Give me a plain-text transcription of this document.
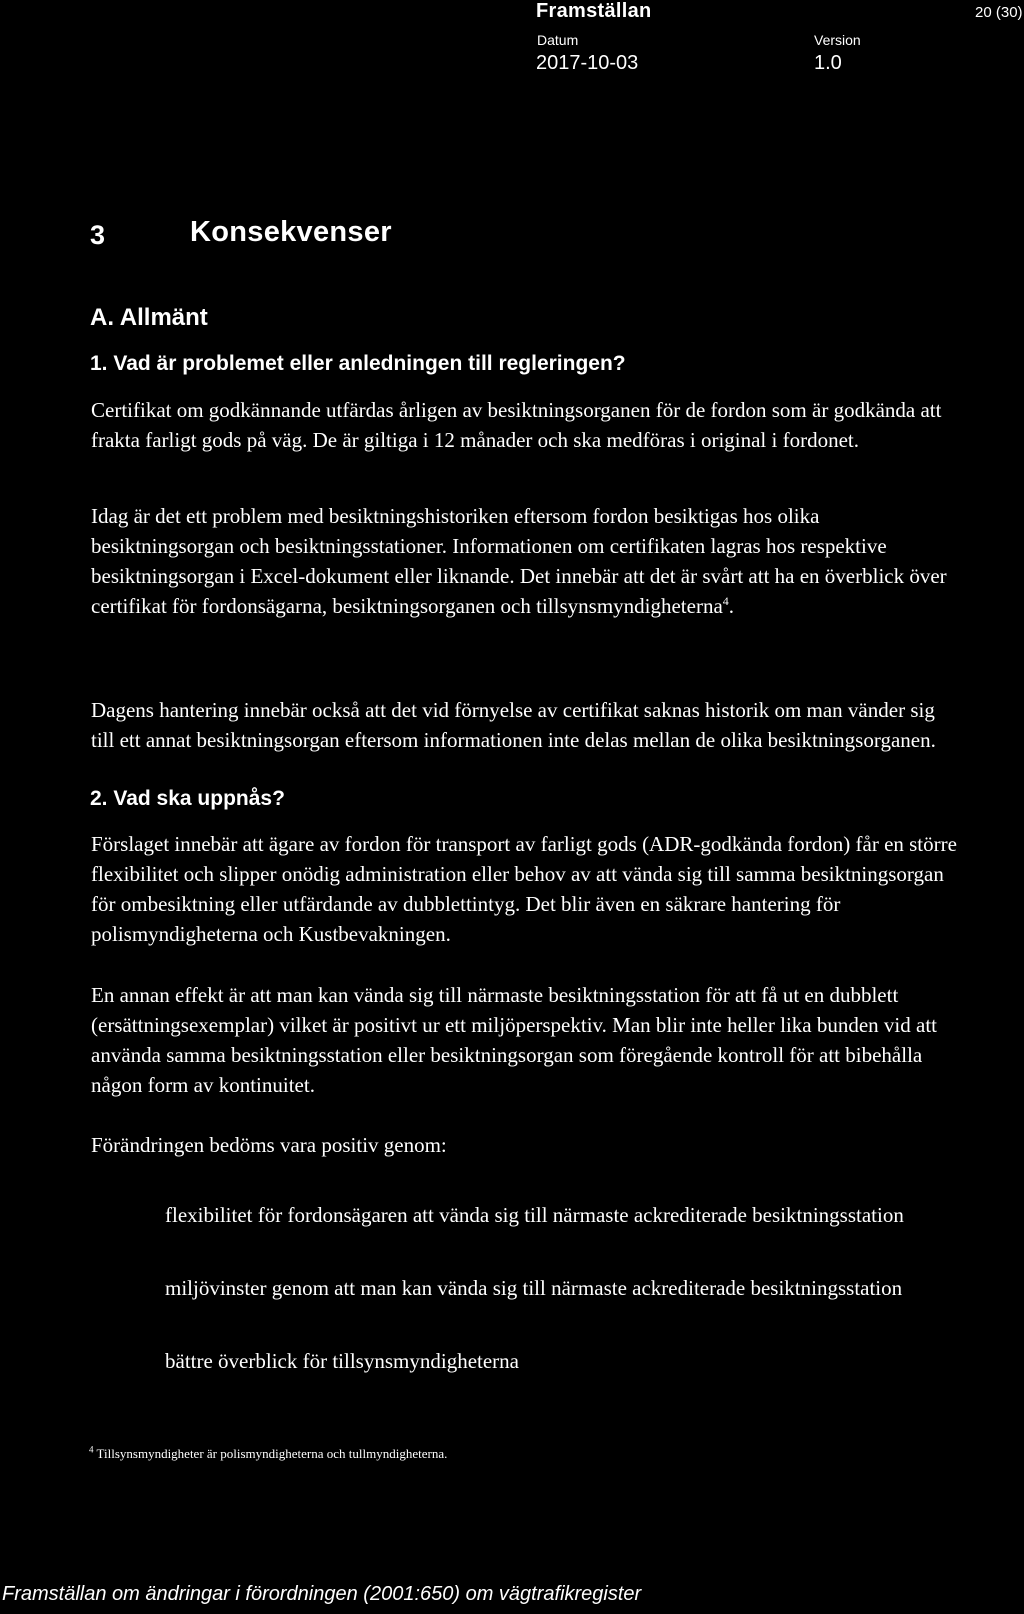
Framställan	20 (30)
Datum
2017-10-03
Version
1.0
3	Konsekvenser
A. Allmänt
1. Vad är problemet eller anledningen till regleringen?

Certifikat om godkännande utfärdas årligen av besiktningsorganen för de fordon som är godkända att frakta farligt gods på väg. De är giltiga i 12 månader och ska medföras i original i fordonet.

Idag är det ett problem med besiktningshistoriken eftersom fordon besiktigas hos olika besiktningsorgan och besiktningsstationer. Informationen om certifikaten lagras hos respektive besiktningsorgan i Excel-dokument eller liknande. Det innebär att det är svårt att ha en överblick över certifikat för fordonsägarna, besiktningsorganen och tillsynsmyndigheterna$^4$.

Dagens hantering innebär också att det vid förnyelse av certifikat saknas historik om man vänder sig till ett annat besiktningsorgan eftersom informationen inte delas mellan de olika besiktningsorganen.

2. Vad ska uppnås?

Förslaget innebär att ägare av fordon för transport av farligt gods (ADR-godkända fordon) får en större flexibilitet och slipper onödig administration eller behov av att vända sig till samma besiktningsorgan för ombesiktning eller utfärdande av dubblettintyg. Det blir även en säkrare hantering för polismyndigheterna och Kustbevakningen.

En annan effekt är att man kan vända sig till närmaste besiktningsstation för att få ut en dubblett (ersättningsexemplar) vilket är positivt ur ett miljöperspektiv. Man blir inte heller lika bunden vid att använda samma besiktningsstation eller besiktningsorgan som föregående kontroll för att bibehålla någon form av kontinuitet.

Förändringen bedöms vara positiv genom:

flexibilitet för fordonsägaren att vända sig till närmaste ackrediterade besiktningsstation

miljövinster genom att man kan vända sig till närmaste ackrediterade besiktningsstation

bättre överblick för tillsynsmyndigheterna

$^4$ Tillsynsmyndigheter är polismyndigheterna och tullmyndigheterna.
Framställan om ändringar i förordningen (2001:650) om vägtrafikregister
